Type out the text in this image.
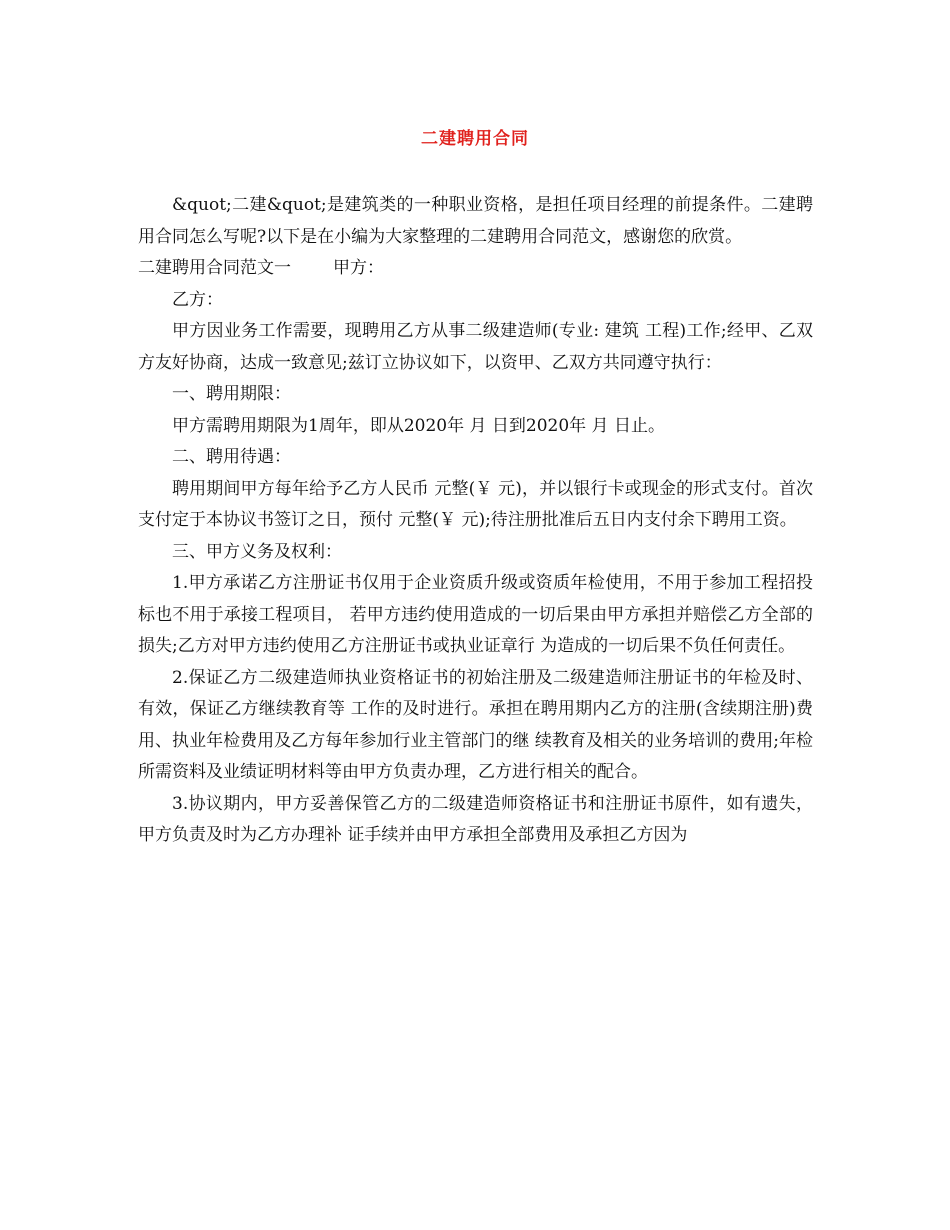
二建聘用合同

&quot;二建&quot;是建筑类的一种职业资格，是担任项目经理的前提条件。二建聘用合同怎么写呢?以下是在小编为大家整理的二建聘用合同范文，感谢您的欣赏。

二建聘用合同范文一 甲方：

乙方：

甲方因业务工作需要，现聘用乙方从事二级建造师(专业: 建筑 工程)工作;经甲、乙双方友好协商，达成一致意见;兹订立协议如下，以资甲、乙双方共同遵守执行：

一、聘用期限：

甲方需聘用期限为1周年，即从2020年 月 日到2020年 月 日止。

二、聘用待遇：

聘用期间甲方每年给予乙方人民币 元整(￥ 元)，并以银行卡或现金的形式支付。首次支付定于本协议书签订之日，预付 元整(￥ 元);待注册批准后五日内支付余下聘用工资。

三、甲方义务及权利：

1.甲方承诺乙方注册证书仅用于企业资质升级或资质年检使用，不用于参加工程招投标也不用于承接工程项目， 若甲方违约使用造成的一切后果由甲方承担并赔偿乙方全部的损失;乙方对甲方违约使用乙方注册证书或执业证章行 为造成的一切后果不负任何责任。

2.保证乙方二级建造师执业资格证书的初始注册及二级建造师注册证书的年检及时、有效，保证乙方继续教育等 工作的及时进行。承担在聘用期内乙方的注册(含续期注册)费用、执业年检费用及乙方每年参加行业主管部门的继 续教育及相关的业务培训的费用;年检所需资料及业绩证明材料等由甲方负责办理，乙方进行相关的配合。

3.协议期内，甲方妥善保管乙方的二级建造师资格证书和注册证书原件，如有遗失，甲方负责及时为乙方办理补 证手续并由甲方承担全部费用及承担乙方因为
